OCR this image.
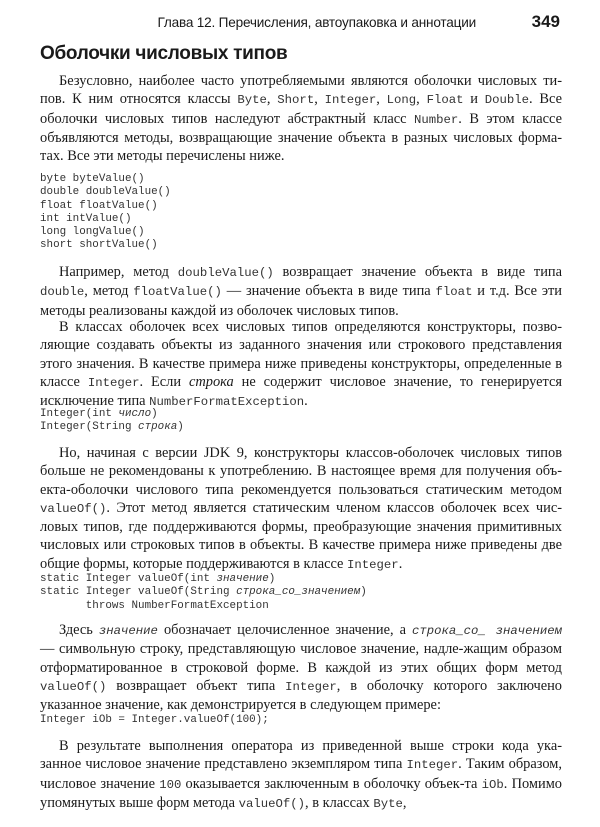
Глава 12. Перечисления, автоупаковка и аннотации	349
Оболочки числовых типов

Безусловно, наиболее часто употребляемыми являются оболочки числовых ти-пов. К ним относятся классы Byte, Short, Integer, Long, Float и Double. Все оболочки числовых типов наследуют абстрактный класс Number. В этом классе объявляются методы, возвращающие значение объекта в разных числовых форма-тах. Все эти методы перечислены ниже.

byte byteValue()
double doubleValue()
float floatValue()
int intValue()
long longValue()
short shortValue()

Например, метод doubleValue() возвращает значение объекта в виде типа double, метод floatValue() — значение объекта в виде типа float и т.д. Все эти методы реализованы каждой из оболочек числовых типов.

В классах оболочек всех числовых типов определяются конструкторы, позво-ляющие создавать объекты из заданного значения или строкового представления этого значения. В качестве примера ниже приведены конструкторы, определенные в классе Integer. Если строка не содержит числовое значение, то генерируется исключение типа NumberFormatException.

Integer(int число)
Integer(String строка)

Но, начиная с версии JDK 9, конструкторы классов-оболочек числовых типов больше не рекомендованы к употреблению. В настоящее время для получения объ-екта-оболочки числового типа рекомендуется пользоваться статическим методом valueOf(). Этот метод является статическим членом классов оболочек всех чис-ловых типов, где поддерживаются формы, преобразующие значения примитивных числовых или строковых типов в объекты. В качестве примера ниже приведены две общие формы, которые поддерживаются в классе Integer.

static Integer valueOf(int значение)
static Integer valueOf(String строка_со_значением)
throws NumberFormatException

Здесь значение обозначает целочисленное значение, а строка_со_ значением — символьную строку, представляющую числовое значение, надле-жащим образом отформатированное в строковой форме. В каждой из этих общих форм метод valueOf() возвращает объект типа Integer, в оболочку которого заключено указанное значение, как демонстрируется в следующем примере:

Integer iOb = Integer.valueOf(100);

В результате выполнения оператора из приведенной выше строки кода ука-занное числовое значение представлено экземпляром типа Integer. Таким образом, числовое значение 100 оказывается заключенным в оболочку объек-та iOb. Помимо упомянутых выше форм метода valueOf(), в классах Byte,
